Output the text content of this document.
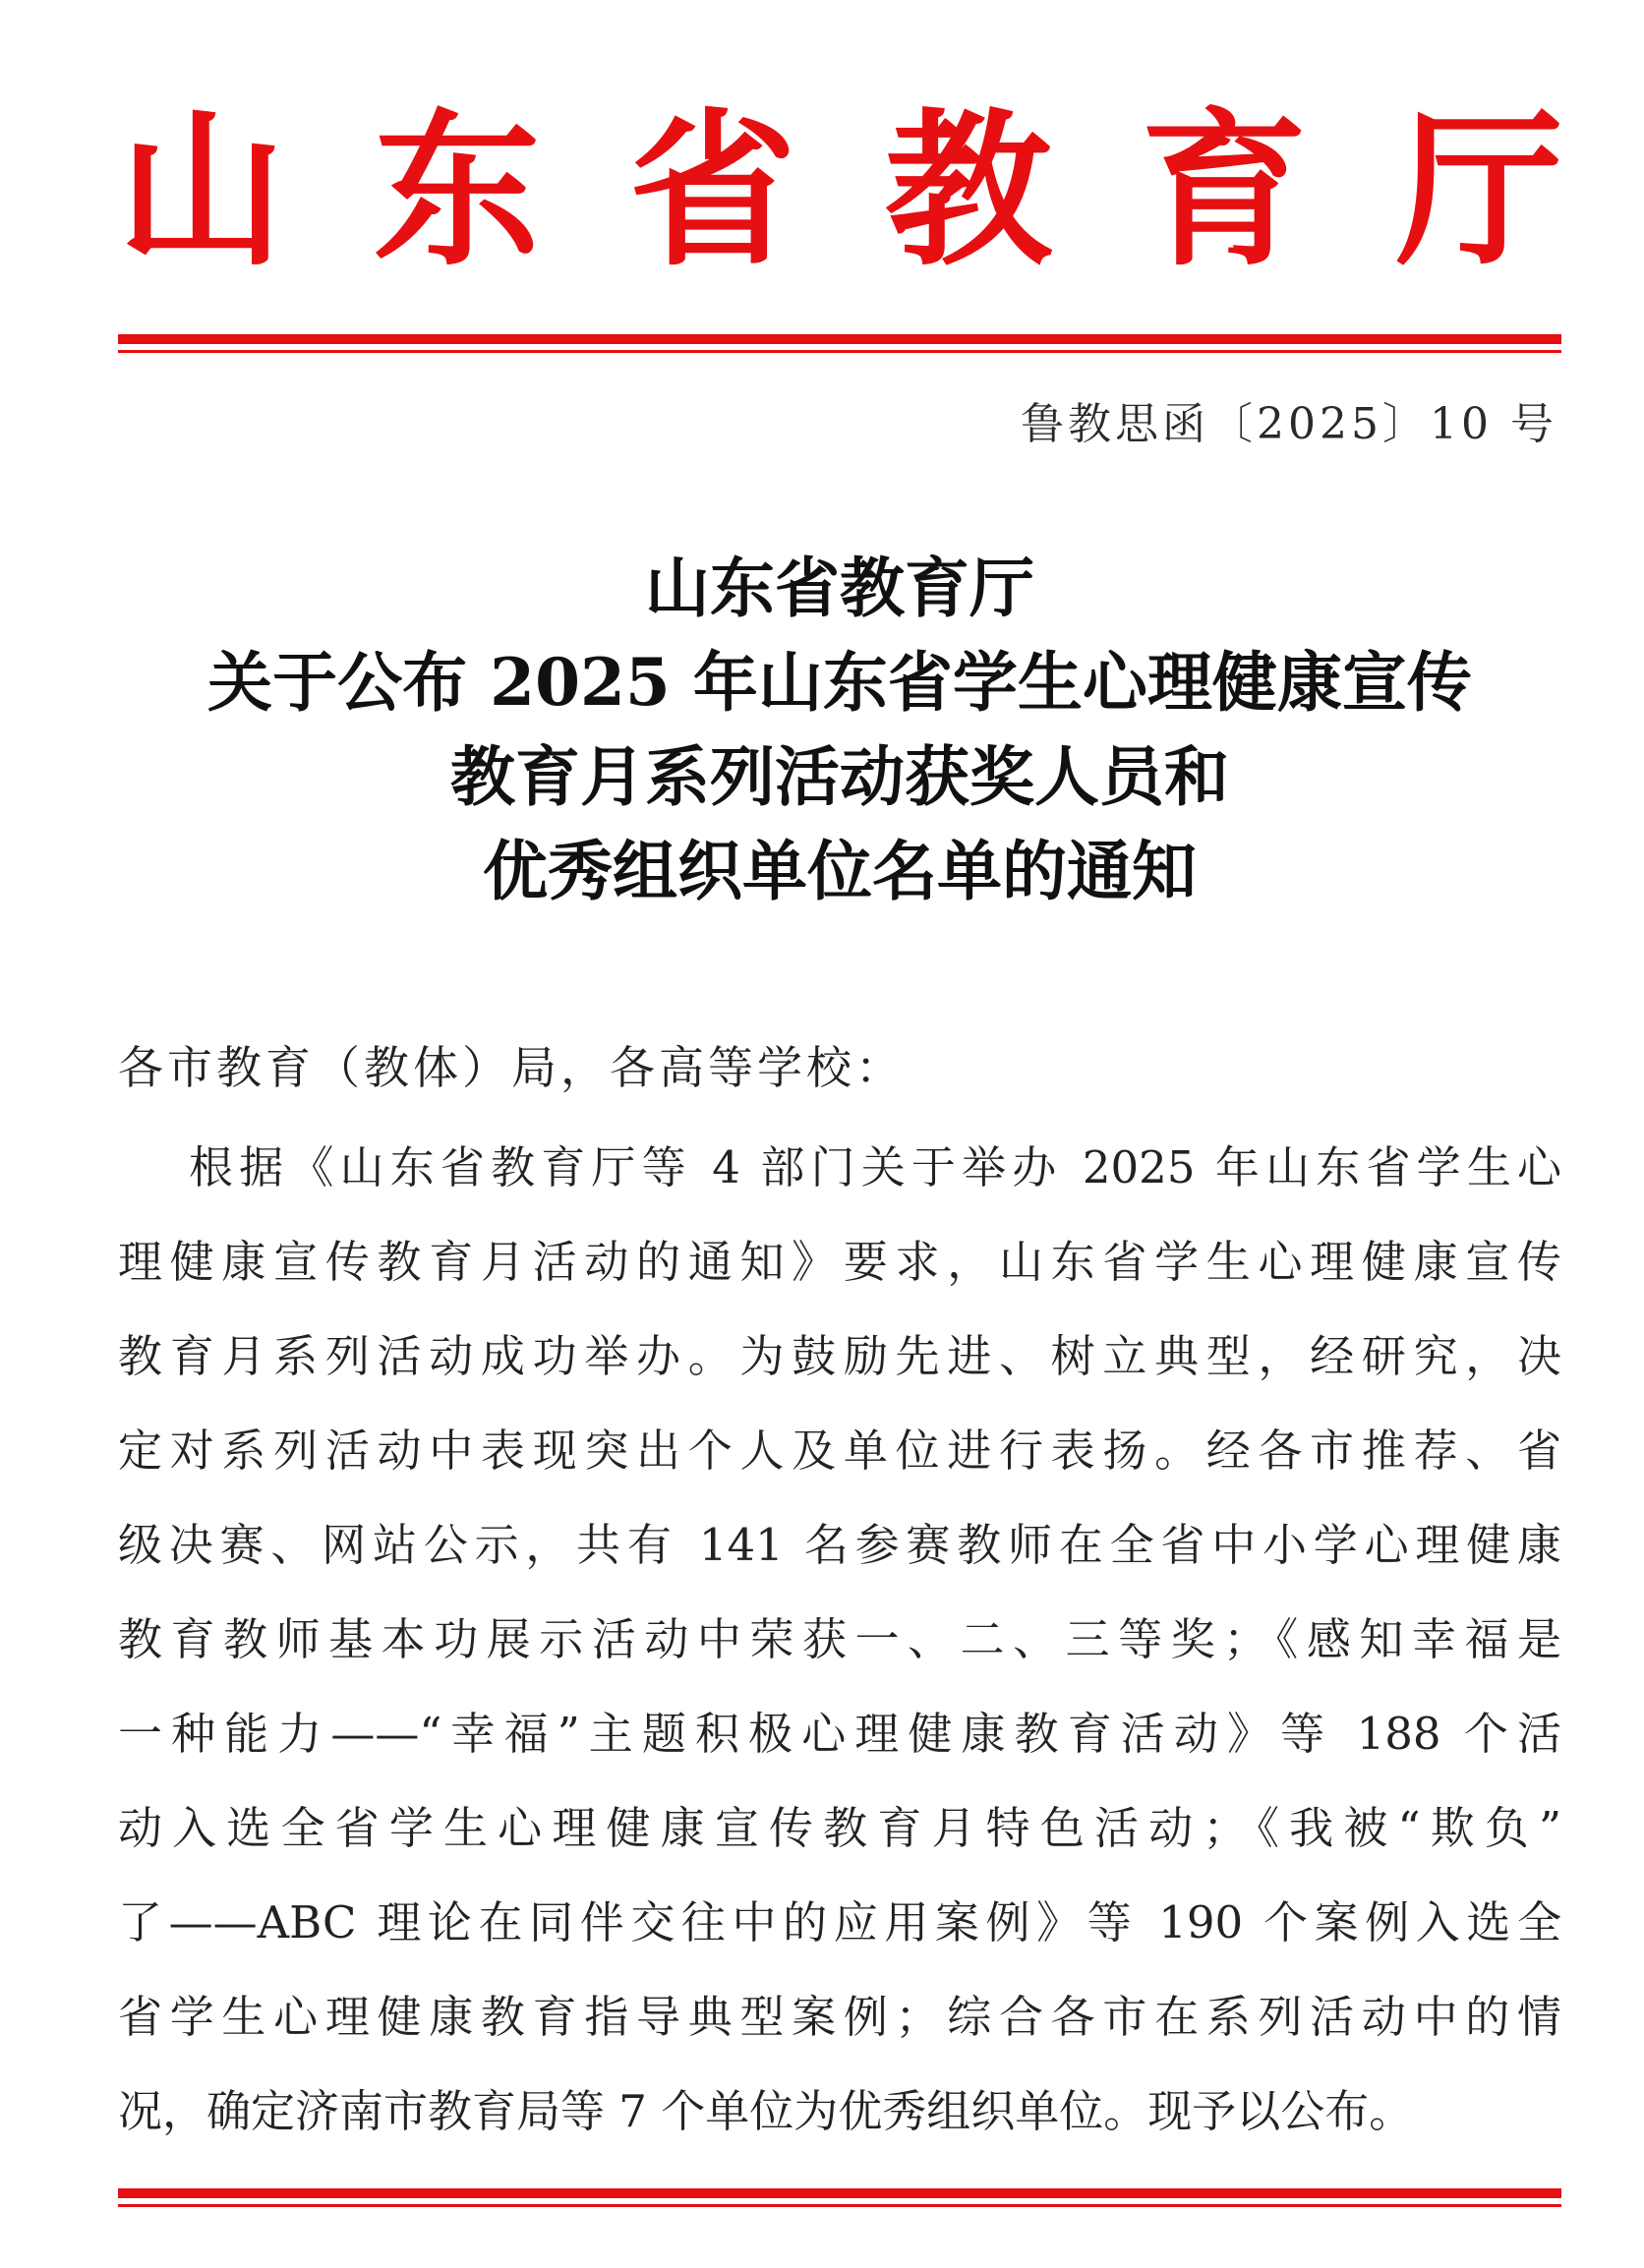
山 东 省 教 育 厅
鲁教思函〔2025〕10 号
山东省教育厅
关于公布 2025 年山东省学生心理健康宣传
教育月系列活动获奖人员和
优秀组织单位名单的通知
各市教育（教体）局，各高等学校：
根据《山东省教育厅等 4 部门关于举办 2025 年山东省学生心
理健康宣传教育月活动的通知》要求，山东省学生心理健康宣传
教育月系列活动成功举办。为鼓励先进、树立典型，经研究，决
定对系列活动中表现突出个人及单位进行表扬。经各市推荐、省
级决赛、网站公示，共有 141 名参赛教师在全省中小学心理健康
教育教师基本功展示活动中荣获一、二、三等奖；《感知幸福是
一种能力——“幸福”主题积极心理健康教育活动》等 188 个活
动入选全省学生心理健康宣传教育月特色活动；《我被“欺负”
了——ABC 理论在同伴交往中的应用案例》等 190 个案例入选全
省学生心理健康教育指导典型案例；综合各市在系列活动中的情
况，确定济南市教育局等 7 个单位为优秀组织单位。现予以公布。
